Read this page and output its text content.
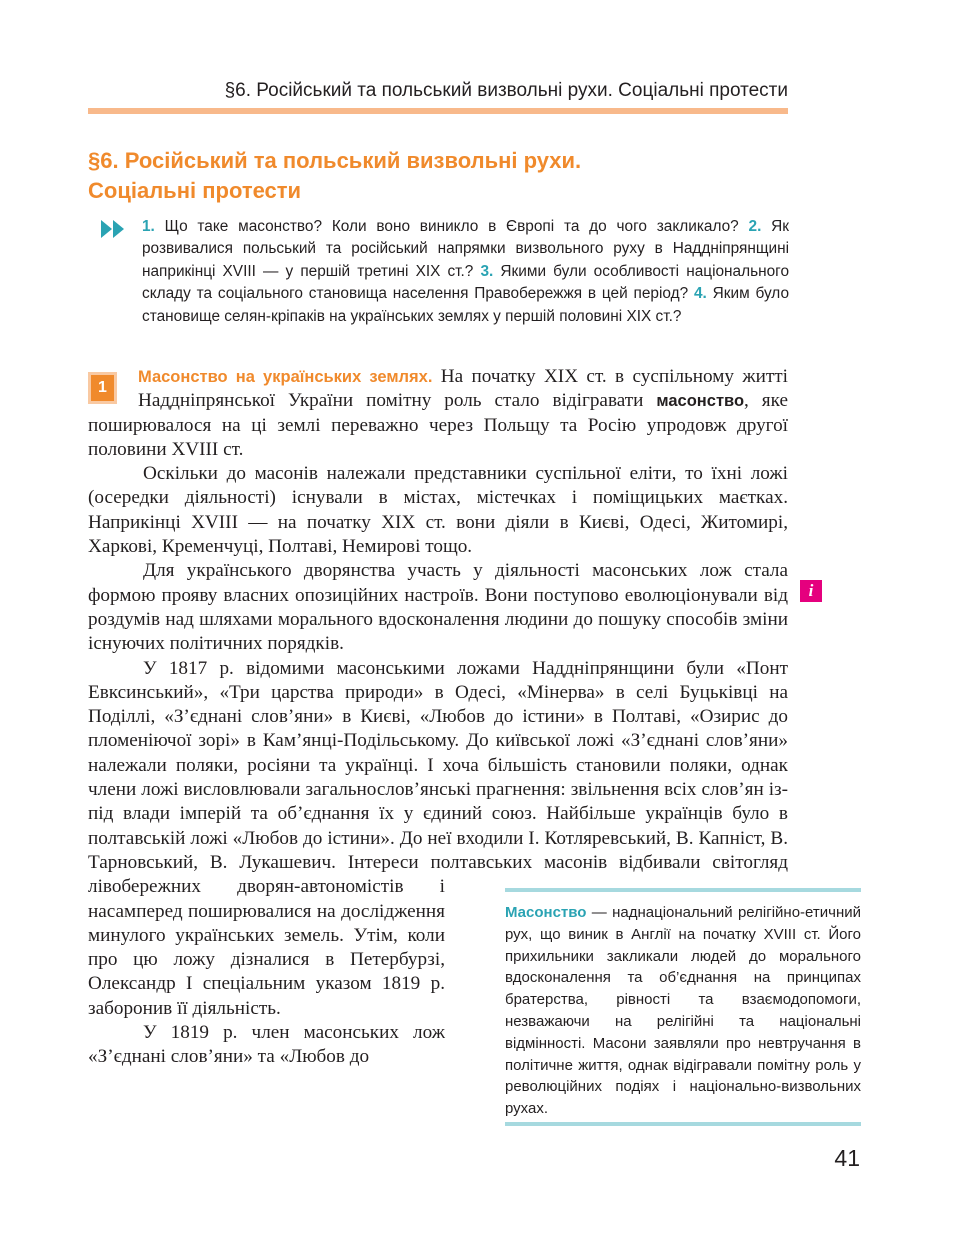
§6. Російський та польський визвольні рухи. Соціальні протести
§6. Російський та польський визвольні рухи.
Соціальні протести

1. Що таке масонство? Коли воно виникло в Європі та до чого закликало? 2. Як розвивалися польський та російський напрямки визвольного руху в Наддніпрянщині наприкінці XVIII — у першій третині XIX ст.? 3. Якими були особливості національного складу та соціального становища населення Правобережжя в цей період? 4. Яким було становище селян-кріпаків на українських землях у першій половині XIX ст.?

1

Масонство на українських землях. На початку XIX ст. в суспільному житті Наддніпрянської України помітну роль стало відігравати масонство, яке поширювалося на ці землі переважно через Польщу та Росію упродовж другої половини XVIII ст.

Оскільки до масонів належали представники суспільної еліти, то їхні ложі (осередки діяльності) існували в містах, містечках і поміщицьких маєтках. Наприкінці XVIII — на початку XIX ст. вони діяли в Києві, Одесі, Житомирі, Харкові, Кременчуці, Полтаві, Немирові тощо.

Для українського дворянства участь у діяльності масонських лож стала формою прояву власних опозиційних настроїв. Вони поступово еволюціонували від роздумів над шляхами морального вдосконалення людини до пошуку способів зміни існуючих політичних порядків.

У 1817 р. відомими масонськими ложами Наддніпрянщини були «Понт Евксинський», «Три царства природи» в Одесі, «Мінерва» в селі Буцьківці на Поділлі, «З’єднані слов’яни» в Києві, «Любов до істини» в Полтаві, «Озирис до пломеніючої зорі» в Кам’янці-Подільському. До київської ложі «З’єднані слов’яни» належали поляки, росіяни та українці. І хоча більшість становили поляки, однак члени ложі висловлювали загальнослов’янські прагнення: звільнення всіх слов’ян із-під влади імперій та об’єднання їх у єдиний союз. Найбільше українців було в полтавській ложі «Любов до істини». До неї входили І. Котляревський, В. Капніст, В. Тарновський, В. Лукашевич. Інтереси полтавських масонів відбивали світогляд лівобережних дворян-автономістів і насамперед поширювалися на дослідження минулого українських земель. Утім, коли про цю ложу дізналися в Петербурзі, Олександр I спеціальним указом 1819 р. заборонив її діяльність.

У 1819 р. член масонських лож «З’єднані слов’яни» та «Любов до

i

Масонство — наднаціональний релігійно-етичний рух, що виник в Англії на початку XVIII ст. Його прихильники закликали людей до морального вдосконалення та об’єднання на принципах братерства, рівності та взаємодопомоги, незважаючи на релігійні та національні відмінності. Масони заявляли про невтручання в політичне життя, однак відігравали помітну роль у революційних подіях і національно-визвольних рухах.

41
